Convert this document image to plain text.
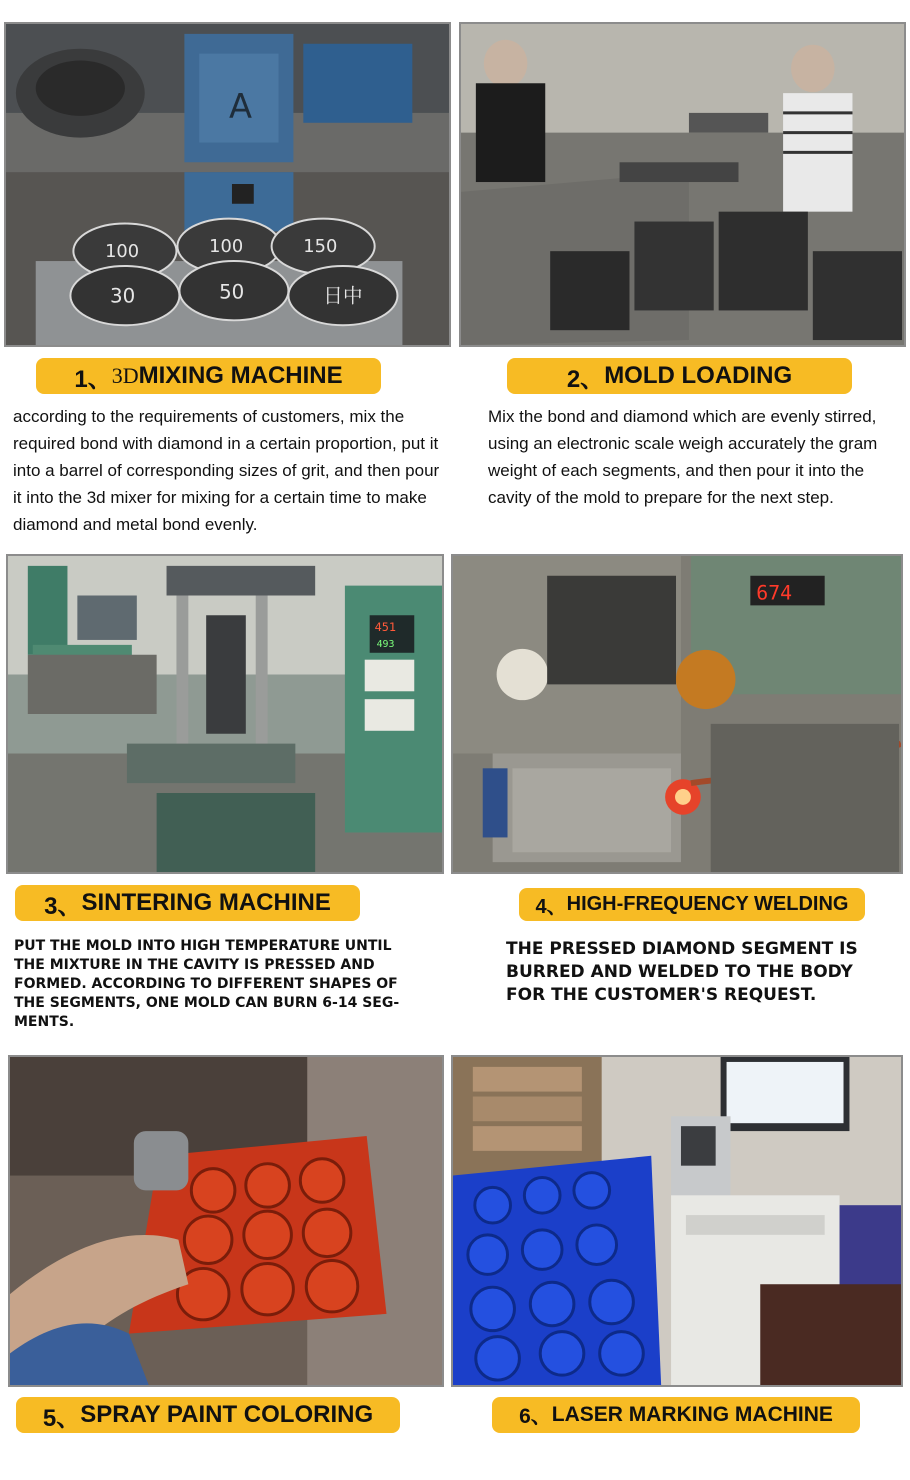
A
100	100	150
30	50	日中
1、 3D MIXING MACHINE	2、 MOLD LOADING
according to the requirements of customers, mix the required bond with diamond in a certain proportion, put it into a barrel of corresponding sizes of grit, and then pour it into the 3d mixer for mixing for a certain time to make diamond and metal bond evenly.
Mix the bond and diamond which are evenly stirred, using an electronic scale weigh accurately the gram weight of each segments, and then pour it into the cavity of the mold to prepare for the next step.
451
493
674
3、 SINTERING MACHINE	4、 HIGH-FREQUENCY WELDING
PUT THE MOLD INTO HIGH TEMPERATURE UNTIL THE MIXTURE IN THE CAVITY IS PRESSED AND FORMED. ACCORDING TO DIFFERENT SHAPES OF THE SEGMENTS, ONE MOLD CAN BURN 6-14 SEG-MENTS.
THE PRESSED DIAMOND SEGMENT IS BURRED AND WELDED TO THE BODY FOR THE CUSTOMER'S REQUEST.
5、 SPRAY PAINT COLORING	6、 LASER MARKING MACHINE
